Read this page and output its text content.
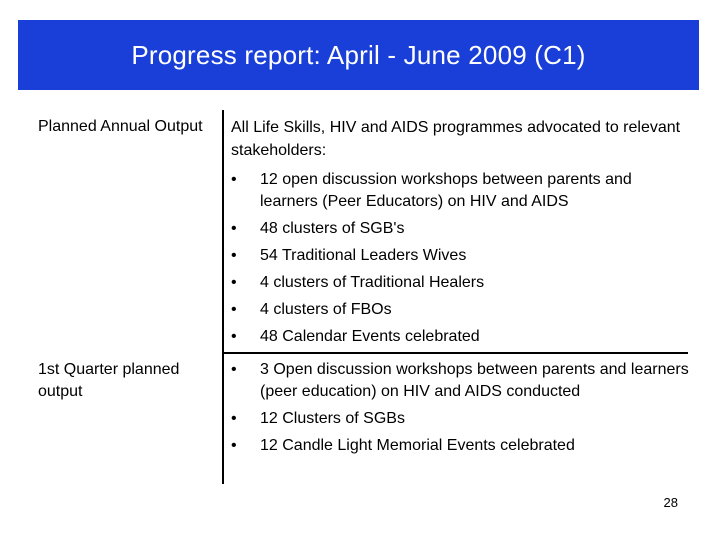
Progress report: April - June 2009 (C1)
Planned Annual Output	All Life Skills, HIV and AIDS programmes advocated to relevant stakeholders:
• 12 open discussion workshops between parents and learners (Peer Educators) on HIV and AIDS
• 48 clusters of SGB's
• 54 Traditional Leaders Wives
• 4 clusters of Traditional Healers
• 4 clusters of FBOs
• 48 Calendar Events celebrated
1st Quarter planned output
• 3 Open discussion workshops between parents and learners (peer education) on HIV and AIDS conducted
• 12 Clusters of SGBs
• 12 Candle Light Memorial Events celebrated
28
